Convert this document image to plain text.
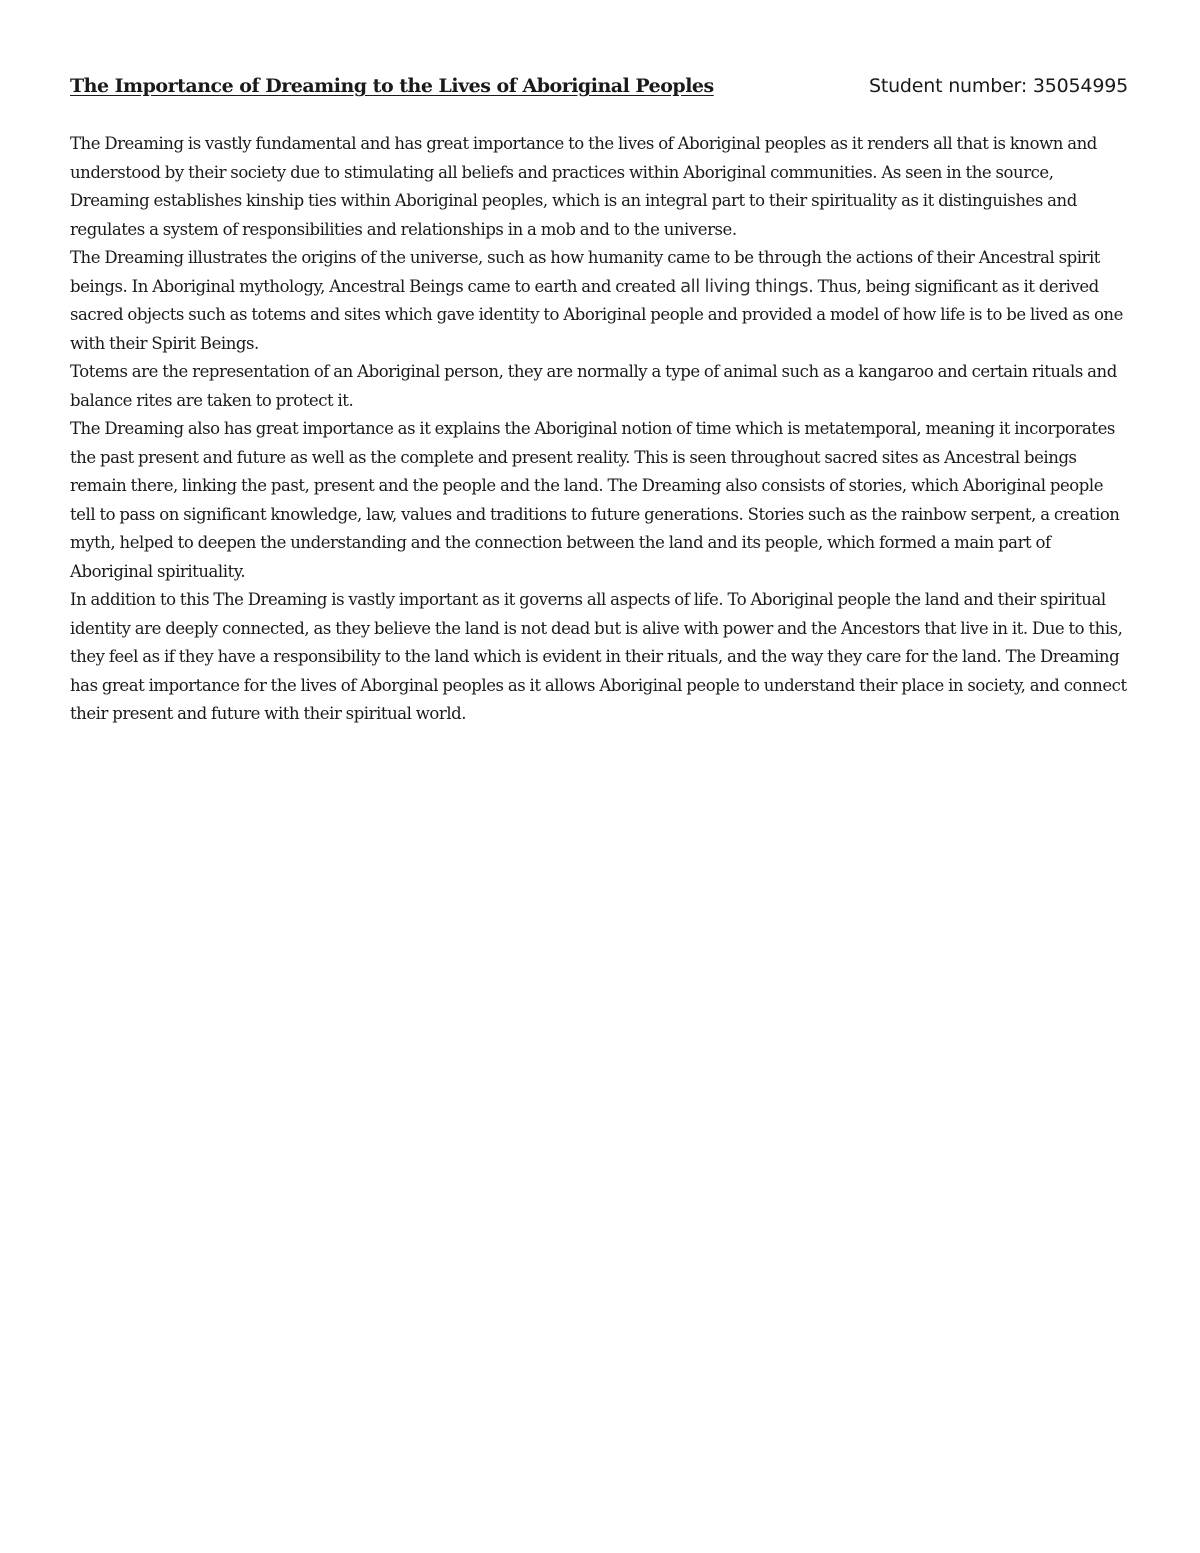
The Importance of Dreaming to the Lives of Aboriginal Peoples	Student number: 35054995

The Dreaming is vastly fundamental and has great importance to the lives of Aboriginal peoples as it renders all that is known and understood by their society due to stimulating all beliefs and practices within Aboriginal communities. As seen in the source, Dreaming establishes kinship ties within Aboriginal peoples, which is an integral part to their spirituality as it distinguishes and regulates a system of responsibilities and relationships in a mob and to the universe.

The Dreaming illustrates the origins of the universe, such as how humanity came to be through the actions of their Ancestral spirit beings. In Aboriginal mythology, Ancestral Beings came to earth and created all living things. Thus, being significant as it derived sacred objects such as totems and sites which gave identity to Aboriginal people and provided a model of how life is to be lived as one with their Spirit Beings.

Totems are the representation of an Aboriginal person, they are normally a type of animal such as a kangaroo and certain rituals and balance rites are taken to protect it.

The Dreaming also has great importance as it explains the Aboriginal notion of time which is metatemporal, meaning it incorporates the past present and future as well as the complete and present reality. This is seen throughout sacred sites as Ancestral beings remain there, linking the past, present and the people and the land. The Dreaming also consists of stories, which Aboriginal people tell to pass on significant knowledge, law, values and traditions to future generations. Stories such as the rainbow serpent, a creation myth, helped to deepen the understanding and the connection between the land and its people, which formed a main part of Aboriginal spirituality.

In addition to this The Dreaming is vastly important as it governs all aspects of life. To Aboriginal people the land and their spiritual identity are deeply connected, as they believe the land is not dead but is alive with power and the Ancestors that live in it. Due to this, they feel as if they have a responsibility to the land which is evident in their rituals, and the way they care for the land. The Dreaming has great importance for the lives of Aborginal peoples as it allows Aboriginal people to understand their place in society, and connect their present and future with their spiritual world.
